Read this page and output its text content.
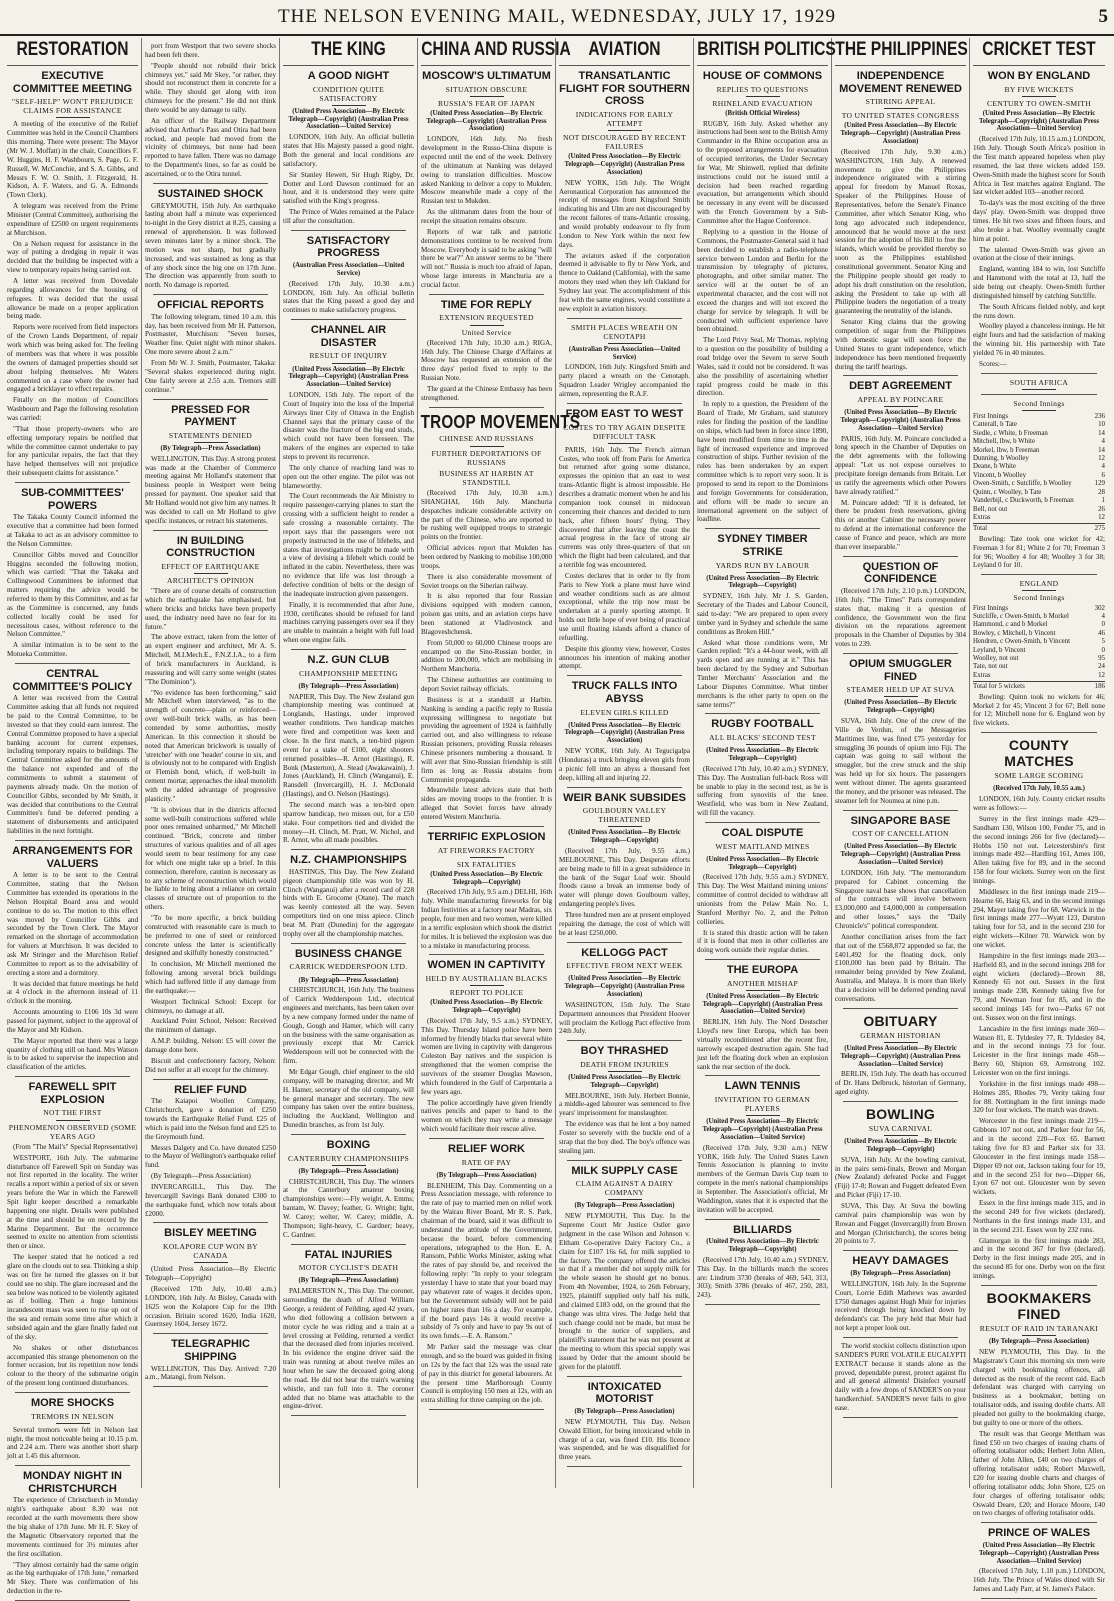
THE NELSON EVENING MAIL, WEDNESDAY, JULY 17, 1929	5
RESTORATION
EXECUTIVE COMMITTEE MEETING
"SELF-HELP" WON'T PREJUDICE CLAIMS FOR ASSISTANCE

A meeting of the executive of the Relief Committee was held in the Council Chambers this morning. There were present: The Mayor (Mr W. J. Moffatt) in the chair, Councillors F. W. Huggins, H. F. Washbourn, S. Page, G. F. Russell, W. McConchie, and S. A. Gibbs, and Messrs F. W. O. Smith, J. Fitzgerald, H. Kidson, A. F. Waters, and G. A. Edmonds (Town Clerk).

A telegram was received from the Prime Minister (Central Committee), authorising the expenditure of £2500 on urgent requirements at Murchison.

On a Nelson request for assistance in the way of putting a dredging in repair it was decided that the building be inspected with a view to temporary repairs being carried out.

A letter was received from Dovedale regarding allowances for the housing of refugees. It was decided that the usual allowance be made on a proper application being made.

Reports were received from field inspectors of the Crown Lands Department, of repair work which was being asked for. The feeling of members was that where it was possible the owners of damaged properties should set about helping themselves. Mr Waters commented on a case where the owner had engaged a bricklayer to effect repairs.

Finally on the motion of Councillors Washbourn and Page the following resolution was carried:

"That those property-owners who are effecting temporary repairs be notified that while the committee cannot undertake to pay for any particular repairs, the fact that they have helped themselves will not prejudice their subsequent claims for assistance."

SUB-COMMITTEES' POWERS

The Takaka County Council informed the executive that a committee had been formed at Takaka to act as an advisory committee to the Nelson Committee.

Councillor Gibbs moved and Councillor Huggins seconded the following motion, which was carried: "That the Takaka and Collingwood Committees be informed that matters requiring the advice would be referred to them by this Committee, and as far as the Committee is concerned, any funds collected locally could be used for necessitous cases, without reference to the Nelson Committee."

A similar intimation is to be sent to the Motueka Committee.

CENTRAL COMMITTEE'S POLICY

A letter was received from the Central Committee asking that all funds not required be paid to the Central Committee, to be invested so that they could earn interest. The Central Committee proposed to have a special banking account for current expenses, including temporary repairs to buildings. The Central Committee asked for the amounts of the balance not expended and of the commitments to submit a statement of payments already made. On the motion of Councillor Gibbs, seconded by Mr Smith, it was decided that contributions to the Central Committee's fund be deferred pending a statement of disbursements and anticipated liabilities in the next fortnight.

ARRANGEMENTS FOR VALUERS

A letter is to be sent to the Central Committee, stating that the Nelson Committee has extended its operations in the Nelson Hospital Board area and would continue to do so. The motion to this effect was moved by Councillor Gibbs and seconded by the Town Clerk. The Mayor remarked on the shortage of accommodation for valuers at Murchison. It was decided to ask Mr Stringer and the Murchison Relief Committee to report as to the advisability of erecting a store and a dormitory.

It was decided that future meetings be held at 4 o'clock in the afternoon instead of 11 o'clock in the morning.

Accounts amounting to £106 10s 3d were passed for payment, subject to the approval of the Mayor and Mr Kidson.

The Mayor reported that there was a large quantity of clothing still on hand. Mrs Watson is to be asked to supervise the inspection and classification of the articles.

FAREWELL SPIT EXPLOSION
NOT THE FIRST
PHENOMENON OBSERVED (SOME YEARS AGO

(From "The Mail's" Special Representative)

WESTPORT, 16th July. The submarine disturbance off Farewell Spit on Sunday was not first reported in the locality. The writer recalls a report within a period of six or seven years before the War in which the Farewell Spit light keeper described a remarkable happening one night. Details were published at the time and should be on record by the Marine Department. But the occurrence seemed to excite no attention from scientists then or since.

The keeper stated that he noticed a red glare on the clouds out to sea. Thinking a ship was on fire he turned the glasses on it but could see no ship. The glare increased and the sea below was noticed to be violently agitated as if boiling. Then a huge luminous incandescent mass was seen to rise up out of the sea and remain some time after which it subsided again and the glare finally faded out of the sky.

No shakes or other disturbances accompanied this strange phenomenon on the former occasion, but its repetition now lends colour to the theory of the submarine origin of the present long continued disturbances.

MORE SHOCKS
TREMORS IN NELSON

Several tremors were felt in Nelson last night, the most noticeable being at 10.15 p.m. and 2.24 a.m. There was another short sharp jolt at 1.45 this afternoon.

MONDAY NIGHT IN CHRISTCHURCH

The experience of Christchurch in Monday night's earthquake about 8.30 was not recorded at the earth movements there show the big shake of 17th June. Mr H. F. Skey of the Magnetic Observatory reported that the movements continued for 3½ minutes after the first oscillation.

"They almost certainly had the same origin as the big earthquake of 17th June," remarked Mr Skey. There was confirmation of his deduction in the re-

port from Westport that two severe shocks had been felt there.

"People should not rebuild their brick chimneys yet," said Mr Skey, "or rather, they should not reconstruct them in concrete for a while. They should get along with iron chimneys for the present." He did not think there would be any damage to rally.

An officer of the Railway Department advised that Arthur's Pass and Otira had been rocked, and people had moved from the vicinity of chimneys, but none had been reported to have fallen. There was no damage to the Department's lines, so far as could be ascertained, or to the Otira tunnel.

SUSTAINED SHOCK

GREYMOUTH, 15th July. An earthquake lasting about half a minute was experienced to-night in the Grey district at 8.25, causing a renewal of apprehension. It was followed seven minutes later by a minor shock. The motion was not sharp, but gradually increased, and was sustained as long as that of any shock since the big one on 17th June. The direction was apparently from south to north. No damage is reported.

OFFICIAL REPORTS

The following telegram, timed 10 a.m. this day, has been received from Mr H. Patterson, Postmaster, Murchison: "Seven horses, Weather fine. Quiet night with minor shakes. One more severe about 2 a.m."

From Mr W. J. Smith, Postmaster, Takaka: "Several shakes experienced during night. One fairly severe at 2.55 a.m. Tremors still continue."

PRESSED FOR PAYMENT
STATEMENTS DENIED
(By Telegraph—Press Association)

WELLINGTON, This Day. A strong protest was made at the Chamber of Commerce meeting against Mr Holland's statement that business people in Westport were being pressed for payment. One speaker said that Mr Holland would not give him any names. It was decided to call on Mr Holland to give specific instances, or retract his statements.

IN BUILDING CONSTRUCTION
EFFECT OF EARTHQUAKE
ARCHITECT'S OPINION

"There are of course details of construction which the earthquake has emphasised, but where bricks and bricks have been properly used, the industry need have no fear for its future."

The above extract, taken from the letter of an expert engineer and architect, Mr A. S. Mitchell, M.I.Mech.E., F.N.Z.I.A., to a firm of brick manufacturers in Auckland, is reassuring and will carry some weight (states "The Dominion").

"No evidence has been forthcoming," said Mr Mitchell when interviewed, "as to the strength of concrete—plain or reinforced—over well-built brick walls, as has been contended by some authorities, mostly American. In this connection it should be noted that American brickwork is usually of 'stretcher' with one 'header' course in six, and is obviously not to be compared with English or Flemish bond, which, if well-built in cement mortar, approaches the ideal monolith with the added advantage of progressive plasticity."

"It is obvious that in the districts affected some well-built constructions suffered while poor ones remained unharmed," Mr Mitchell continued. "Brick, concrete and timber structures of various qualities and of all ages would seem to bear testimony for any case for which one might take up a brief. In this connection, therefore, caution is necessary as to any scheme of reconstruction which would be liable to bring about a reliance on certain classes of structure out of proportion to the others.

"To be more specific, a brick building constructed with reasonable care is much to be preferred to one of steel or reinforced concrete unless the latter is scientifically designed and skilfully honestly constructed."

In conclusion, Mr Mitchell mentioned the following among several brick buildings which had suffered little if any damage from the earthquake:—

Westport Technical School: Except for chimneys, no damage at all.

Auckland Point School, Nelson: Received the minimum of damage.

A.M.P. building, Nelson: £5 will cover the damage done here.

Biscuit and confectionery factory, Nelson: Did not suffer at all except for the chimney.

RELIEF FUND

The Kaiapoi Woollen Company, Christchurch, gave a donation of £250 towards the Earthquake Relief Fund. £25 of which is paid into the Nelson fund and £25 to the Greymouth fund.

Messrs Dalgety and Co. have donated £250 to the Mayor of Wellington's earthquake relief fund.

(By Telegraph—Press Association)

INVERCARGILL, This Day. The Invercargill Savings Bank donated £300 to the earthquake fund, which now totals about £2000.

BISLEY MEETING
KOLAPORE CUP WON BY CANADA

(United Press Association—By Electric Telegraph—Copyright)

(Received 17th July, 10.40 a.m.) LONDON, 16th July. At Bisley, Canada with 1625 won the Kolapore Cup for the 19th occasion. Britain scored 1620, India 1620, Guernsey 1604, Jersey 1672.

TELEGRAPHIC SHIPPING

WELLINGTON, This Day. Arrived: 7.20 a.m., Matangi, from Nelson.

THE KING
A GOOD NIGHT
CONDITION QUITE SATISFACTORY
(United Press Association—By Electric Telegraph—Copyright) (Australian Press Association—United Service)

LONDON, 16th July. An official bulletin states that His Majesty passed a good night. Both the general and local conditions are satisfactory.

Sir Stanley Hewett, Sir Hugh Rigby, Dr. Dotter and Lord Dawson continued for an hour, and it is understood they were quite satisfied with the King's progress.

The Prince of Wales remained at the Palace till after the consultation.

SATISFACTORY PROGRESS
(Australian Press Association—United Service)

(Received 17th July, 10.30 a.m.) LONDON, 16th July. An official bulletin states that the King passed a good day and continues to make satisfactory progress.

CHANNEL AIR DISASTER
RESULT OF INQUIRY
(United Press Association—By Electric Telegraph—Copyright) (Australian Press Association—United Service)

LONDON, 15th July. The report of the Court of Inquiry into the loss of the Imperial Airways liner City of Ottawa in the English Channel says that the primary cause of the disaster was the fracture of the big end studs, which could not have been foreseen. The makers of the engines are expected to take steps to prevent its recurrence.

The only chance of reaching land was to open out the other engine. The pilot was not blameworthy.

The Court recommends the Air Ministry to require passenger-carrying planes to start the crossing with a sufficient height to render a safe crossing a reasonable certainty. The report says that the passengers were not properly instructed in the use of lifebelts, and states that investigations might be made with a view of devising a lifebelt which could be inflated in the cabin. Nevertheless, there was no evidence that life was lost through a defective condition of belts or the design of the inadequate instruction given passengers.

Finally, it is recommended that after June, 1930, certificates should be refused for land machines carrying passengers over sea if they are unable to maintain a height with full load when one engine fails.

N.Z. GUN CLUB
CHAMPIONSHIP MEETING
(By Telegraph—Press Association)

NAPIER, This Day. The New Zealand gun championship meeting was continued at Longlands, Hastings, under improved weather conditions. Two handicap matches were fired and competition was keen and close. In the first match, a ten-bird pigeon event for a stake of £100, eight shooters returned possibles—R. Arnot (Hastings), R. Bonk (Masterton), A. Stead (Awakawaini), J. Jones (Auckland), H. Clinch (Wanganui), E. Ransdell (Invercargill), H. J. McDonald (Hastings), and O. Nelson (Hastings).

The second match was a ten-bird open sparrow handicap, two misses out, for a £50 stake. Four competitors tied and divided the money—H. Clinch, M. Pratt, W. Nichol, and R. Arnot, who all made possibles.

N.Z. CHAMPIONSHIPS

HASTINGS, This Day. The New Zealand pigeon championship title was won by H. Clinch (Wanganui) after a record card of 228 birds with E. Grocome (Otane). The match was keenly contested all the way. Seven competitors tied on one miss apiece. Clinch beat M. Pratt (Dunedin) for the aggregate trophy over all the championship matches.

BUSINESS CHANGE
CARRICK WEDDERSPOON LTD.
(By Telegraph—Press Association)

CHRISTCHURCH, 16th July. The business of Carrick Wedderspoon Ltd., electrical engineers and merchants, has been taken over by a new company formed under the name of Gough, Gough and Hamer, which will carry on the business with the same organisation as previously except that Mr Carrick Wedderspoon will not be connected with the firm.

Mr Edgar Gough, chief engineer to the old company, will be managing director, and Mr H. Hamer, secretary of the old company, will be general manager and secretary. The new company has taken over the entire business, including the Auckland, Wellington and Dunedin branches, as from 1st July.

BOXING
CANTERBURY CHAMPIONSHIPS
(By Telegraph—Press Association)

CHRISTCHURCH, This Day. The winners at the Canterbury amateur boxing championships were:—Fly weight, A. Emms; bantam, W. Davey; feather, G. Wright; light, W. Carey; welter, W. Carey; middle, A. Thompson; light-heavy, C. Gardner; heavy, C. Gardner.

FATAL INJURIES
MOTOR CYCLIST'S DEATH
(By Telegraph—Press Association)

PALMERSTON N., This Day. The coroner, surrounding the death of Alfred William George, a resident of Feilding, aged 42 years, who died following a collision between a motor cycle he was riding and a train at a level crossing at Feilding, returned a verdict that the deceased died from injuries received. In his evidence the engine driver said the train was running at about twelve miles an hour when he saw the deceased going along the road. He did not hear the train's warning whistle, and ran full into it. The coroner added that no blame was attachable to the engine-driver.

CHINA AND RUSSIA
MOSCOW'S ULTIMATUM
SITUATION OBSCURE
RUSSIA'S FEAR OF JAPAN
(United Press Association—By Electric Telegraph—Copyright) (Australian Press Association)

LONDON, 16th July. No fresh development in the Russo-China dispute is expected until the end of the week. Delivery of the ultimatum at Nanking was delayed owing to translation difficulties. Moscow asked Nanking to deliver a copy to Mukden. Moscow meanwhile made a copy of the Russian text to Mukden.

As the ultimatum dates from the hour of receipt the situation remains obscure.

Reports of war talk and patriotic demonstrations continue to be received from Moscow. Everybody is said to be asking "will there be war?" An answer seems to be "there will not." Russia is much too afraid of Japan, whose large interests in Manchuria are a crucial factor.

TIME FOR REPLY
EXTENSION REQUESTED
United Service

(Received 17th July, 10.30 a.m.) RIGA, 16th July. The Chinese Charge d'Affaires at Moscow has requested an extension of the three days' period fixed to reply to the Russian Note.

The guard at the Chinese Embassy has been strengthened.

TROOP MOVEMENTS
CHINESE AND RUSSIANS
FURTHER DEPORTATIONS OF RUSSIANS
BUSINESS AT HARBIN AT STANDSTILL

(Received 17th July, 10.30 a.m.) SHANGHAI, 16th July. Manchuria despatches indicate considerable activity on the part of the Chinese, who are reported to be rushing well equipped troops to strategic points on the frontier.

Official advices report that Mukden has been ordered by Nanking to mobilise 100,000 troops.

There is also considerable movement of Soviet troops on the Siberian railway.

It is also reported that four Russian divisions equipped with modern cannon, poison gas units, and an aviation corps have been stationed at Vladivostock and Blagoveshchensk.

From 50,000 to 60,000 Chinese troops are encamped on the Sino-Russian border, in addition to 200,000, which are mobilising in Northern Manchuria.

The Chinese authorities are continuing to deport Soviet railway officials.

Business is at a standstill at Harbin. Nanking is sending a pacific reply to Russia expressing willingness to negotiate but providing the agreement of 1924 is faithfully carried out, and also willingness to release Russian prisoners, providing Russia releases Chinese prisoners numbering a thousand. It will aver that Sino-Russian friendship is still firm as long as Russia abstains from Communist propaganda.

Meanwhile latest advices state that both sides are moving troops to the frontier. It is alleged that Soviet forces have already entered Western Manchuria.

TERRIFIC EXPLOSION
AT FIREWORKS FACTORY
SIX FATALITIES
(United Press Association—By Electric Telegraph—Copyright)

(Received 17th July, 9.5 a.m.) DELHI, 16th July. While manufacturing fireworks for big Indian festivities at a factory near Madras, six people, four men and two women, were killed in a terrific explosion which shook the district for miles. It is believed the explosion was due to a mistake in manufacturing process.

WOMEN IN CAPTIVITY
HELD BY AUSTRALIAN BLACKS
REPORT TO POLICE
(United Press Association—By Electric Telegraph—Copyright)

(Received 17th July, 9.5 a.m.) SYDNEY, This Day. Thursday Island police have been informed by friendly blacks that several white women are living in captivity with dangerous Coleston Bay natives and the suspicion is strengthened that the women comprise the survivors of the steamer Douglas Mawson, which foundered in the Gulf of Carpentaria a few years ago.

The police accordingly have given friendly natives pencils and paper to hand to the women on which they may write a message which would facilitate their rescue alive.

RELIEF WORK
RATE OF PAY
(By Telegraph—Press Association)

BLENHEIM, This Day. Commenting on a Press Association message, with reference to the rate of pay to married men on relief work by the Wairau River Board, Mr R. S. Park, chairman of the board, said it was difficult to understand the attitude of the Government, because the board, before commencing operations, telegraphed to the Hon. E. A. Ransom, Public Works Minister, asking what the rates of pay should be, and received the following reply: "In reply to your telegram yesterday I have to state that your board may pay whatever rate of wages it decides upon, but the Government subsidy will not be paid on higher rates than 16s a day. For example, if the board pays 14s it would receive a subsidy of 7s only and have to pay 9s out of its own funds.—E. A. Ransom."

Mr Parker said the message was clear enough, and so the board was guided in fixing on 12s by the fact that 12s was the usual rate of pay in this district for general labourers. At the present time Marlborough County Council is employing 150 men at 12s, with an extra shilling for three camping on the job.

AVIATION
TRANSATLANTIC FLIGHT FOR SOUTHERN CROSS
INDICATIONS FOR EARLY ATTEMPT
NOT DISCOURAGED BY RECENT FAILURES
(United Press Association—By Electric Telegraph—Copyright) (Australian Press Association)

NEW YORK, 15th July. The Wright Aeronautical Corporation has announced the receipt of messages from Kingsford Smith indicating his and Ulm are not discouraged by the recent failures of trans-Atlantic crossing, and would probably endeavour to fly from London to New York within the next few days.

The aviators asked if the corporation deemed it advisable to fly to New York, and thence to Oakland (California), with the same motors they used when they left Oakland for Sydney last year. The accomplishment of this feat with the same engines, would constitute a new exploit in aviation history.

SMITH PLACES WREATH ON CENOTAPH
(Australian Press Association—United Service)

LONDON, 16th July. Kingsford Smith and party placed a wreath on the Cenotaph. Squadron Leader Wrigley accompanied the airmen, representing the R.A.F.

FROM EAST TO WEST
COSTES TO TRY AGAIN DESPITE DIFFICULT TASK

PARIS, 16th July. The French airman Costes, who took off from Paris for America but returned after going some distance, expresses the opinion that an east to west trans-Atlantic flight is almost impossible. He describes a dramatic moment when he and his companion took counsel in midocean concerning their chances and decided to turn back, after fifteen hours' flying. They discovered that after leaving the coast the actual progress in the face of strong air currents was only three-quarters of that on which the flight had been calculated, and that a terrible fog was encountered.

Costes declares that in order to fly from Paris to New York a plane must have wind and weather conditions such as are almost exceptional, while the trip now must be undertaken at a purely sporting attempt. It holds out little hope of ever being of practical use until floating islands afford a chance of refuelling.

Despite this gloomy view, however, Costes announces his intention of making another attempt.

TRUCK FALLS INTO ABYSS
ELEVEN GIRLS KILLED
(United Press Association—By Electric Telegraph—Copyright) (Australian Press Association)

NEW YORK, 16th July. At Tegucigalpa (Honduras) a truck bringing eleven girls from a picnic fell into an abyss a thousand feet deep, killing all and injuring 22.

WEIR BANK SUBSIDES
GOULBOURN VALLEY THREATENED
(United Press Association—By Electric Telegraph—Copyright)

(Received 17th July, 9.55 a.m.) MELBOURNE, This Day. Desperate efforts are being made to fill in a great subsidence in the bank of the Sugar Loaf weir. Should floods cause a break an immense body of water will plunge down Goulbourn valley, endangering people's lives.

Three hundred men are at present employed repairing the damage, the cost of which will be at least £250,000.

KELLOGG PACT
EFFECTIVE FROM NEXT WEEK
(United Press Association—By Electric Telegraph—Copyright) (Australian Press Association)

WASHINGTON, 15th July. The State Department announces that President Hoover will proclaim the Kellogg Pact effective from 24th July.

BOY THRASHED
DEATH FROM INJURIES
(United Press Association—By Electric Telegraph—Copyright)

MELBOURNE, 16th July. Herbert Bonnie, a middle-aged labourer was sentenced to five years' imprisonment for manslaughter.

The evidence was that he lent a boy named Foster so severely with the buckle end of a strap that the boy died. The boy's offence was stealing jam.

MILK SUPPLY CASE
CLAIM AGAINST A DAIRY COMPANY
(By Telegraph—Press Association)

NEW PLYMOUTH, This Day. In the Supreme Court Mr Justice Ostler gave judgment in the case Wilson and Johnson v. Eltham Co-operative Dairy Factory Co., a claim for £107 16s 6d, for milk supplied to the factory. The company offered the articles so that if a member did not supply milk for the whole season he should get no bonus. From 4th November, 1924, to 26th February, 1925, plaintiff supplied only half his milk, and claimed £183 odd, on the ground that the change was ultra vires. The Judge held that such change could not be made, but must be brought to the notice of suppliers, and plaintiff's statement that he was not present at the meeting to whom this special supply was issued by Order that the amount should be given for the plaintiff.

INTOXICATED MOTORIST
(By Telegraph—Press Association)

NEW PLYMOUTH, This Day. Nelson Oswald Elliott, for being intoxicated while in charge of a car, was fined £10. His licence was suspended, and he was disqualified for three years.

BRITISH POLITICS
HOUSE OF COMMONS
REPLIES TO QUESTIONS
RHINELAND EVACUATION
(British Official Wireless)

RUGBY, 16th July. Asked whether any instructions had been sent to the British Army Commander in the Rhine occupation area as to the proposed arrangements for evacuation of occupied territories, the Under Secretary for War, Mr Shinwell, replied that definite instructions could not be issued until a decision had been reached regarding evacuation, but arrangements which should be necessary in any event will be discussed with the French Government by a Sub-Committee after the Hague Conference.

Replying to a question in the House of Commons, the Postmaster-General said it had been decided to establish a radio-telephone service between London and Berlin for the transmission by telegraphy of pictures, photographs, and other similar matter. The service will at the outset be of an experimental character, and the cost will not exceed the charges and will not exceed the charge for service by telegraph. It will be conducted with sufficient experience have been obtained.

The Lord Privy Seal, Mr Thomas, replying to a question on the possibility of building a road bridge over the Severn to serve South Wales, said it could not be considered. It was also the possibility of ascertaining whether rapid progress could be made in this direction.

In reply to a question, the President of the Board of Trade, Mr Graham, said statutory rules for finding the position of the landline on ships, which had been in force since 1890, have been modified from time to time in the light of increased experience and improved construction of ships. Further revision of the rules has been undertaken by an expert committee which is to report very soon. It is proposed to send its report to the Dominions and foreign Governments for consideration, and efforts will be made to secure an international agreement on the subject of loadline.

SYDNEY TIMBER STRIKE
YARDS RUN BY LABOUR
(United Press Association—By Electric Telegraph—Copyright)

SYDNEY, 16th July. Mr J. S. Garden, Secretary of the Trades and Labour Council, said to-day: "We are prepared to open every timber yard in Sydney and schedule the same conditions as Broken Hill."

Asked what those conditions were, Mr Garden replied: "It's a 44-hour week, with all yards open and are running at it." This has been declared by the Sydney and Suburban Timber Merchants' Association and the Labour Disputes Committee. What timber merchants is the other party to open on the same terms?"

RUGBY FOOTBALL
ALL BLACKS' SECOND TEST
(United Press Association—By Electric Telegraph—Copyright)

(Received 17th July, 10.40 a.m.) SYDNEY, This Day. The Australian full-back Ross will be unable to play in the second test, as he is suffering from synovitis of the knee. Westfield, who was born in New Zealand, will fill the vacancy.

COAL DISPUTE
WEST MAITLAND MINES
(United Press Association—By Electric Telegraph—Copyright)

(Received 17th July, 9.55 a.m.) SYDNEY, This Day. The West Maitland mining unions' committee of control decided to withdraw all unionists from the Pelaw Main No. 1, Stanford Merthyr No. 2, and the Pelton collieries.

It is stated this drastic action will be taken if it is found that men in other collieries are doing work outside their regular duties.

THE EUROPA
ANOTHER MISHAP
(United Press Association—By Electric Telegraph—Copyright) (Australian Press Association—United Service)

BERLIN, 16th July. The Nord Deutscher Lloyd's new liner Europa, which has been virtually reconditioned after the recent fire, narrowly escaped destruction again. She had just left the floating dock when an explosion sank the rear section of the dock.

LAWN TENNIS
INVITATION TO GERMAN PLAYERS
(United Press Association—By Electric Telegraph—Copyright) (Australian Press Association—United Service)

(Received 17th July, 9.30 a.m.) NEW YORK, 16th July. The United States Lawn Tennis Association is planning to invite members of the German Davis Cup team to compete in the men's national championships in September. The Association's official, Mr Waddington, states that it is expected that the invitation will be accepted.

BILLIARDS
(United Press Association—By Electric Telegraph—Copyright)

(Received 17th July, 10.40 a.m.) SYDNEY, This Day. In the billiards match the scores are: Lindrum 3730 (breaks of 469, 543, 313, 303); Smith 3786 (breaks of 467, 250, 283, 243).

THE PHILIPPINES
INDEPENDENCE MOVEMENT RENEWED
STIRRING APPEAL
TO UNITED STATES CONGRESS
(United Press Association—By Electric Telegraph—Copyright) (Australian Press Association)

(Received 17th July, 9.30 a.m.) WASHINGTON, 16th July. A renewed movement to give the Philippines independence originated with a stirring appeal for freedom by Manuel Roxas, Speaker of the Philippines House of Representatives, before the Senate's Finance Committee, after which Senator King, who long ago advocated such independence, announced that he would move at the next session for the adoption of his Bill to free the islands, which would be provided thereby so soon as the Philippines established constitutional government. Senator King and the Philippine people should get ready to adopt his draft constitution on the resolution, asking the President to take up with all Philippine leaders the negotiation of a treaty guaranteeing the neutrality of the islands.

Senator King claims that the growing competition of sugar from the Philippines with domestic sugar will soon force the United States to grant independence, which independence has been mentioned frequently during the tariff hearings.

DEBT AGREEMENT
APPEAL BY POINCARE
(United Press Association—By Electric Telegraph—Copyright) (Australian Press Association—United Service)

PARIS, 16th July. M. Poincare concluded a long speech in the Chamber of Deputies on the debt agreements with the following appeal: "Let us not expose ourselves to precipitate foreign demands from Britain. Let us ratify the agreements which other Powers have already ratified."

M. Poincare added: "If it is defeated, let there be prudent fresh reservations, giving this or another Cabinet the necessary power to defend at the international conference the cause of France and peace, which are more than ever inseparable."

QUESTION OF CONFIDENCE

(Received 17th July, 2.10 p.m.) LONDON, 16th July. "The Times" Paris correspondent states that, making it a question of confidence, the Government won the first division on the reparations agreement proposals in the Chamber of Deputies by 304 votes to 239.

OPIUM SMUGGLER FINED
STEAMER HELD UP AT SUVA
(United Press Association—By Electric Telegraph—Copyright)

SUVA, 16th July. One of the crew of the Ville de Verdun, of the Messageries Maritimes line, was fined £75 yesterday for smuggling 36 pounds of opium into Fiji. The captain was going to sail without the smuggler, but the crew struck and the ship was held up for six hours. The passengers went without dinner. The agents guaranteed the money, and the prisoner was released. The steamer left for Noumea at nine p.m.

SINGAPORE BASE
COST OF CANCELLATION
(United Press Association—By Electric Telegraph—Copyright) (Australian Press Association—United Service)

LONDON, 16th July. "The memorandum prepared for Cabinet concerning the Singapore naval base shows that cancellation of the contracts will involve between £3,000,000 and £4,000,000 in compensation and other losses," says the "Daily Chronicle's" political correspondent.

Another conciliation arises from the fact that out of the £568,872 appended so far, the £401,492 for the floating dock, only £100,000 has been paid by Britain. The remainder being provided by New Zealand, Australia, and Malaya. It is more than likely that a decision will be deferred pending naval conversations.

OBITUARY
GERMAN HISTORIAN
(United Press Association—By Electric Telegraph—Copyright) (Australian Press Association—United Service)

BERLIN, 15th July. The death has occurred of Dr. Hans Delbruck, historian of Germany, aged eighty.

BOWLING
SUVA CARNIVAL
(United Press Association—By Electric Telegraph—Copyright)

SUVA, 16th July. At the bowling carnival, in the pairs semi-finals, Brown and Morgan (New Zealand) defeated Pocke and Fugget (Fiji) 17-8; Rowan and Fuggett defeated Even and Picket (Fiji) 17-10.

SUVA, This Day. At Suva the bowling carnival pairs championship was won by Rowan and Fugget (Invercargill) from Brown and Morgan (Christchurch), the scores being 20 points to 7.

HEAVY DAMAGES
(By Telegraph—Press Association)

WELLINGTON, 16th July. In the Supreme Court, Lorrie Edith Mathews was awarded £750 damages against Hugh Muir for injuries received through being knocked down by defendant's car. The jury held that Muir had not kept a proper look out.

The world stockist collects distinction upon SANDER'S PURE VOLATILE EUCALYPTI EXTRACT because it stands alone as the proved, dependable purest, protect against flu and all general ailments! Disinfect yourself daily with a few drops of SANDER'S on your handkerchief. SANDER'S never fails to give ease.

CRICKET TEST
WON BY ENGLAND
BY FIVE WICKETS
CENTURY TO OWEN-SMITH
(United Press Association—By Electric Telegraph—Copyright) (Australian Press Association—United Service)

(Received 17th July, 10.15 a.m.) LONDON, 16th July. Though South Africa's position in the Test match appeared hopeless when play resumed, the last three wickets added 159. Owen-Smith made the highest score for South Africa in Test matches against England. The last wicket added 103—another record.

To-day's was the most exciting of the three days' play. Owen-Smith was dropped three times. He hit two sixes and fifteen fours, and also broke a bat. Woolley eventually caught him at point.

The talented Owen-Smith was given an ovation at the close of their innings.

England, wanting 184 to win, lost Sutcliffe and Hammond with the total at 13, half the side being out cheaply. Owen-Smith further distinguished himself by catching Sutcliffe.

The South Africans fielded nobly, and kept the runs down.

Woolley played a chanceless innings. He hit eight fours and had the satisfaction of making the winning hit. His partnership with Tate yielded 76 in 40 minutes.

Scores:—

SOUTH AFRICA
Second Innings
First Innings	236
Catterall, b Tate	10
Siedle, c White, b Freeman	14
Mitchell, lbw, b White	4
Morkel, lbw, b Freeman	14
Dunning, b Woolley	12
Deane, b White	4
Vincent, b Woolley	6
Owen-Smith, c Sutcliffe, b Woolley	129
Quinn, c Woolley, b Tate	28
Vanderbijl, c Duckworth, b Freeman	1
Bell, not out	26
Extras	12
Total	275

Bowling: Tate took one wicket for 42; Freeman 3 for 81; White 2 for 70; Freeman 3 for 96; Woolley 4 for 48; Woolley 3 for 38; Leyland 0 for 10.

ENGLAND
Second Innings
First Innings	302
Sutcliffe, c Owen-Smith, b Morkel	4
Hammond, c and b Morkel	0
Bowley, c Mitchell, b Vincent	46
Hendren, c Owen-Smith, b Vincent	5
Leyland, b Vincent	0
Woolley, not out	95
Tate, not out	24
Extras	12
Total for 5 wickets	186

Bowling: Quinn took no wickets for 46; Morkel 2 for 45; Vincent 3 for 67; Bell none for 12; Mitchell none for 6. England won by five wickets.

COUNTY MATCHES
SOME LARGE SCORING
(Received 17th July, 10.55 a.m.)

LONDON, 16th July. County cricket results were as follows:—

Surrey in the first innings made 429—Sandham 130, Wilson 100, Fender 75, and in the second innings 266 for five (declared)—Hobbs 150 not out. Leicestershire's first innings made 492—Hardling 161, Ames 100, Allen taking five for 89, and in the second 158 for four wickets. Surrey won on the first innings.

Middlesex in the first innings made 219—Hearne 66, Haig 63, and in the second innings 294, Mayer taking five for 68. Warwick in the first innings made 277—Wyatt 123, Durston taking four for 53, and in the second 230 for eight wickets—Kilner 70. Warwick won by one wicket.

Hampshire in the first innings made 203—Harfield 83, and in the second innings 208 for eight wickets (declared)—Brown 88, Kennedy 65 not out. Sussex in the first innings made 238, Kennedy taking five for 79, and Newman four for 85, and in the second innings 145 for two—Parks 67 not out. Sussex won on the first innings.

Lancashire in the first innings made 360—Watson 81, E. Tyldesley 77, R. Tyldesley 84, and in the second innings 73 for four. Leicester in the first innings made 458—Berry 60, Shipton 69, Armstrong 102. Leicester won on the first innings.

Yorkshire in the first innings made 498—Holmes 285, Rhodes 79, Verity taking four for 88. Nottingham in the first innings made 320 for four wickets. The match was drawn.

Worcester in the first innings made 219—Gibbons 107 not out, and Parker four for 56, and in the second 220—Fox 65. Barnett taking five for 83 and Parker six for 33. Gloucester in the first innings made 158—Dipper 69 not out, Jackson taking four for 19, and in the second 251 for two—Dipper 66, Lyon 67 not out. Gloucester won by seven wickets.

Essex in the first innings made 315, and in the second 249 for five wickets (declared). Northants in the first innings made 131, and in the second 231. Essex won by 232 runs.

Glamorgan in the first innings made 283, and in the second 367 for five (declared). Derby in the first innings made 205, and in the second 85 for one. Derby won on the first innings.

BOOKMAKERS FINED
RESULT OF RAID IN TARANAKI
(By Telegraph—Press Association)

NEW PLYMOUTH, This Day. In the Magistrate's Court this morning six men were charged with bookmaking offences, all detected as the result of the recent raid. Each defendant was charged with carrying on business as a bookmaker, betting on totalisator odds, and issuing double charts. All pleaded not guilty to the bookmaking charge, but guilty to one or more of the others.

The result was that George Mettham was fined £50 on two charges of issuing charts of offering totalisator odds; Herbert John Allen, father of John Allen, £40 on two charges of offering totalisator odds; Robert Maxwell, £20 for issuing double charts and charges of offering totalisator odds; John Shore, £25 on four charges of offering totalisator odds; Oswald Deare, £20; and Horace Moore, £40 on two charges of offering totalisator odds.

PRINCE OF WALES
(United Press Association—By Electric Telegraph—Copyright) (Australian Press Association—United Service)

(Received 17th July, 1.10 p.m.) LONDON, 16th July. The Prince of Wales dined with Sir James and Lady Parr, at St. James's Palace.
